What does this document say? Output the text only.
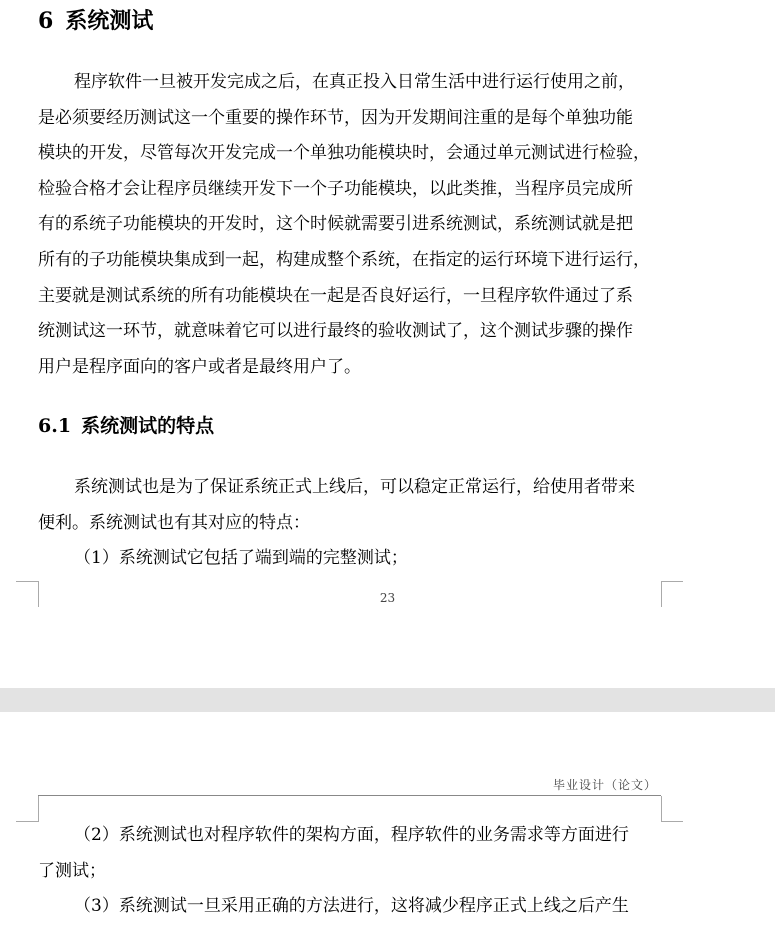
6 系统测试
程序软件一旦被开发完成之后，在真正投入日常生活中进行运行使用之前，
是必须要经历测试这一个重要的操作环节，因为开发期间注重的是每个单独功能
模块的开发，尽管每次开发完成一个单独功能模块时，会通过单元测试进行检验，
检验合格才会让程序员继续开发下一个子功能模块，以此类推，当程序员完成所
有的系统子功能模块的开发时，这个时候就需要引进系统测试，系统测试就是把
所有的子功能模块集成到一起，构建成整个系统，在指定的运行环境下进行运行，
主要就是测试系统的所有功能模块在一起是否良好运行，一旦程序软件通过了系
统测试这一环节，就意味着它可以进行最终的验收测试了，这个测试步骤的操作
用户是程序面向的客户或者是最终用户了。
6.1 系统测试的特点
系统测试也是为了保证系统正式上线后，可以稳定正常运行，给使用者带来
便利。系统测试也有其对应的特点：
（1）系统测试它包括了端到端的完整测试；
23
毕业设计（论文）
（2）系统测试也对程序软件的架构方面，程序软件的业务需求等方面进行
了测试；
（3）系统测试一旦采用正确的方法进行，这将减少程序正式上线之后产生
